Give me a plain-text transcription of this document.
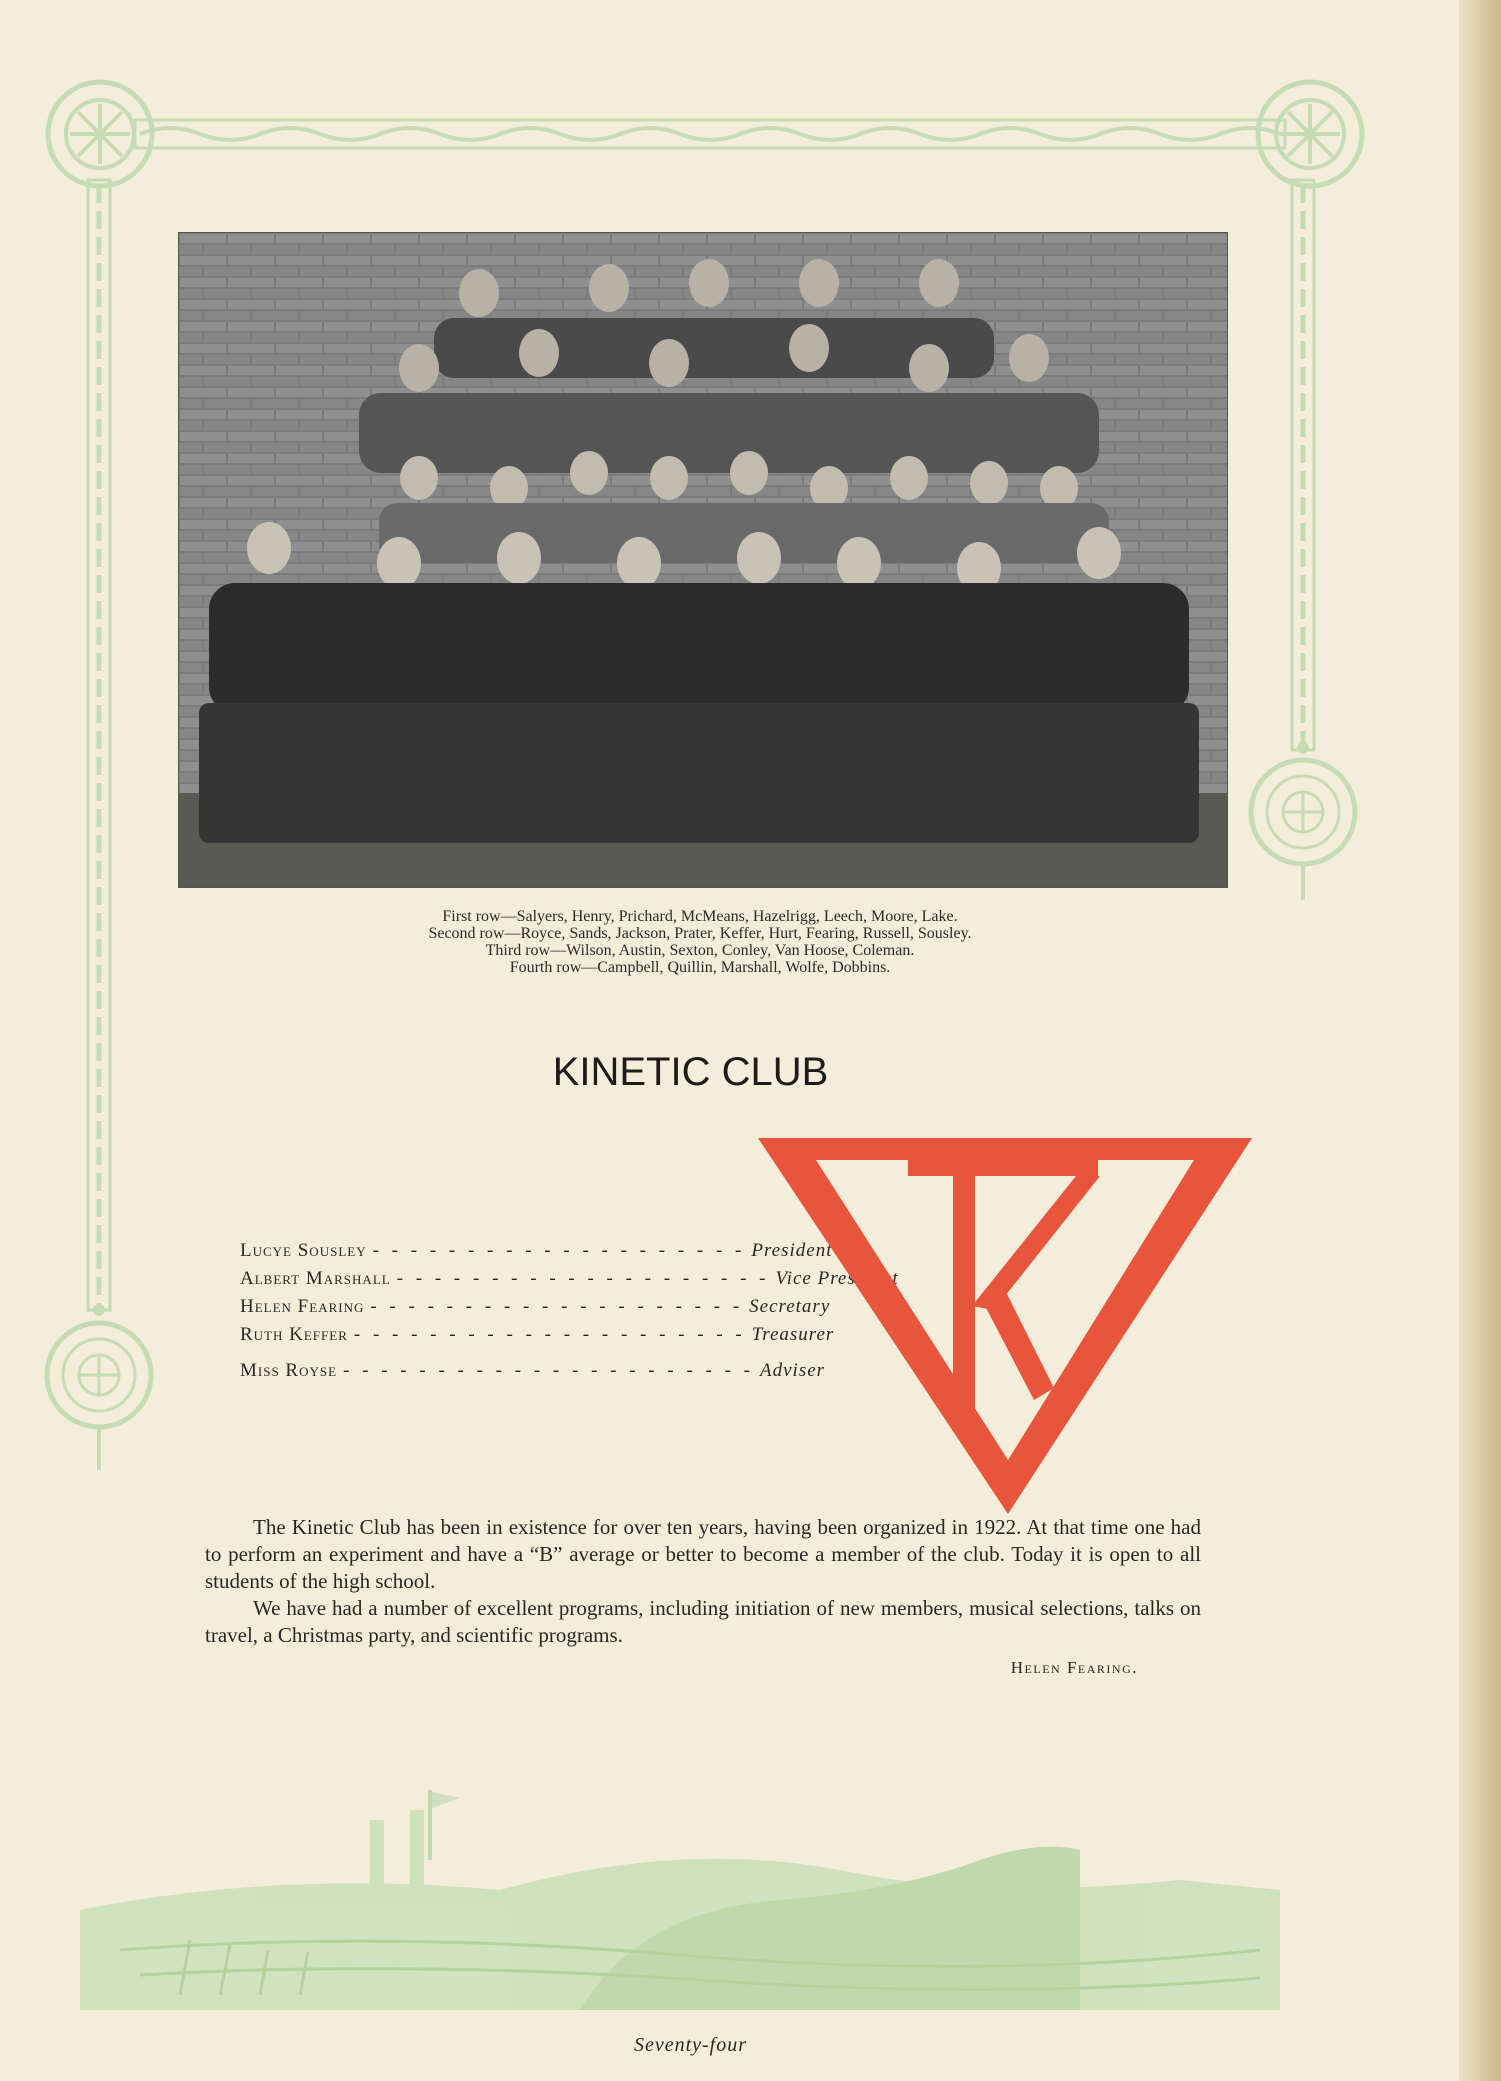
First row—Salyers, Henry, Prichard, McMeans, Hazelrigg, Leech, Moore, Lake.
Second row—Royce, Sands, Jackson, Prater, Keffer, Hurt, Fearing, Russell, Sousley.
Third row—Wilson, Austin, Sexton, Conley, Van Hoose, Coleman.
Fourth row—Campbell, Quillin, Marshall, Wolfe, Dobbins.
KINETIC CLUB
Lucye Sousley - - - - - - - - - - - - - - - - - - - - President
Albert Marshall - - - - - - - - - - - - - - - - - - - - Vice President
Helen Fearing - - - - - - - - - - - - - - - - - - - - Secretary
Ruth Keffer - - - - - - - - - - - - - - - - - - - - - Treasurer
Miss Royse - - - - - - - - - - - - - - - - - - - - - - Adviser

The Kinetic Club has been in existence for over ten years, having been organized in 1922. At that time one had to perform an experiment and have a “B” average or better to become a member of the club. Today it is open to all students of the high school.

We have had a number of excellent programs, including initiation of new members, musical selections, talks on travel, a Christmas party, and scientific programs.

Helen Fearing.
Seventy-four
